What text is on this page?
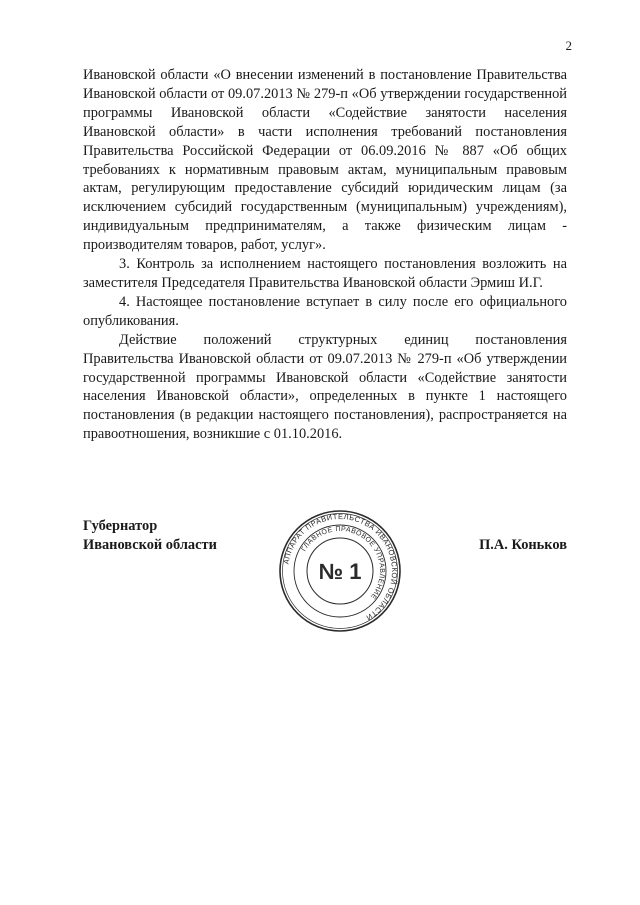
2

Ивановской области «О внесении изменений в постановление Правительства Ивановской области от 09.07.2013 № 279-п «Об утверждении государственной программы Ивановской области «Содействие занятости населения Ивановской области» в части исполнения требований постановления Правительства Российской Федерации от 06.09.2016 № 887 «Об общих требованиях к нормативным правовым актам, муниципальным правовым актам, регулирующим предоставление субсидий юридическим лицам (за исключением субсидий государственным (муниципальным) учреждениям), индивидуальным предпринимателям, а также физическим лицам - производителям товаров, работ, услуг».

3. Контроль за исполнением настоящего постановления возложить на заместителя Председателя Правительства Ивановской области Эрмиш И.Г.

4. Настоящее постановление вступает в силу после его официального опубликования.

Действие положений структурных единиц постановления Правительства Ивановской области от 09.07.2013 № 279-п «Об утверждении государственной программы Ивановской области «Содействие занятости населения Ивановской области», определенных в пункте 1 настоящего постановления (в редакции настоящего постановления), распространяется на правоотношения, возникшие с 01.10.2016.

Губернатор
Ивановской области
АППАРАТ ПРАВИТЕЛЬСТВА ИВАНОВСКОЙ ОБЛАСТИ
ГЛАВНОЕ ПРАВОВОЕ УПРАВЛЕНИЕ
№ 1
П.А. Коньков
